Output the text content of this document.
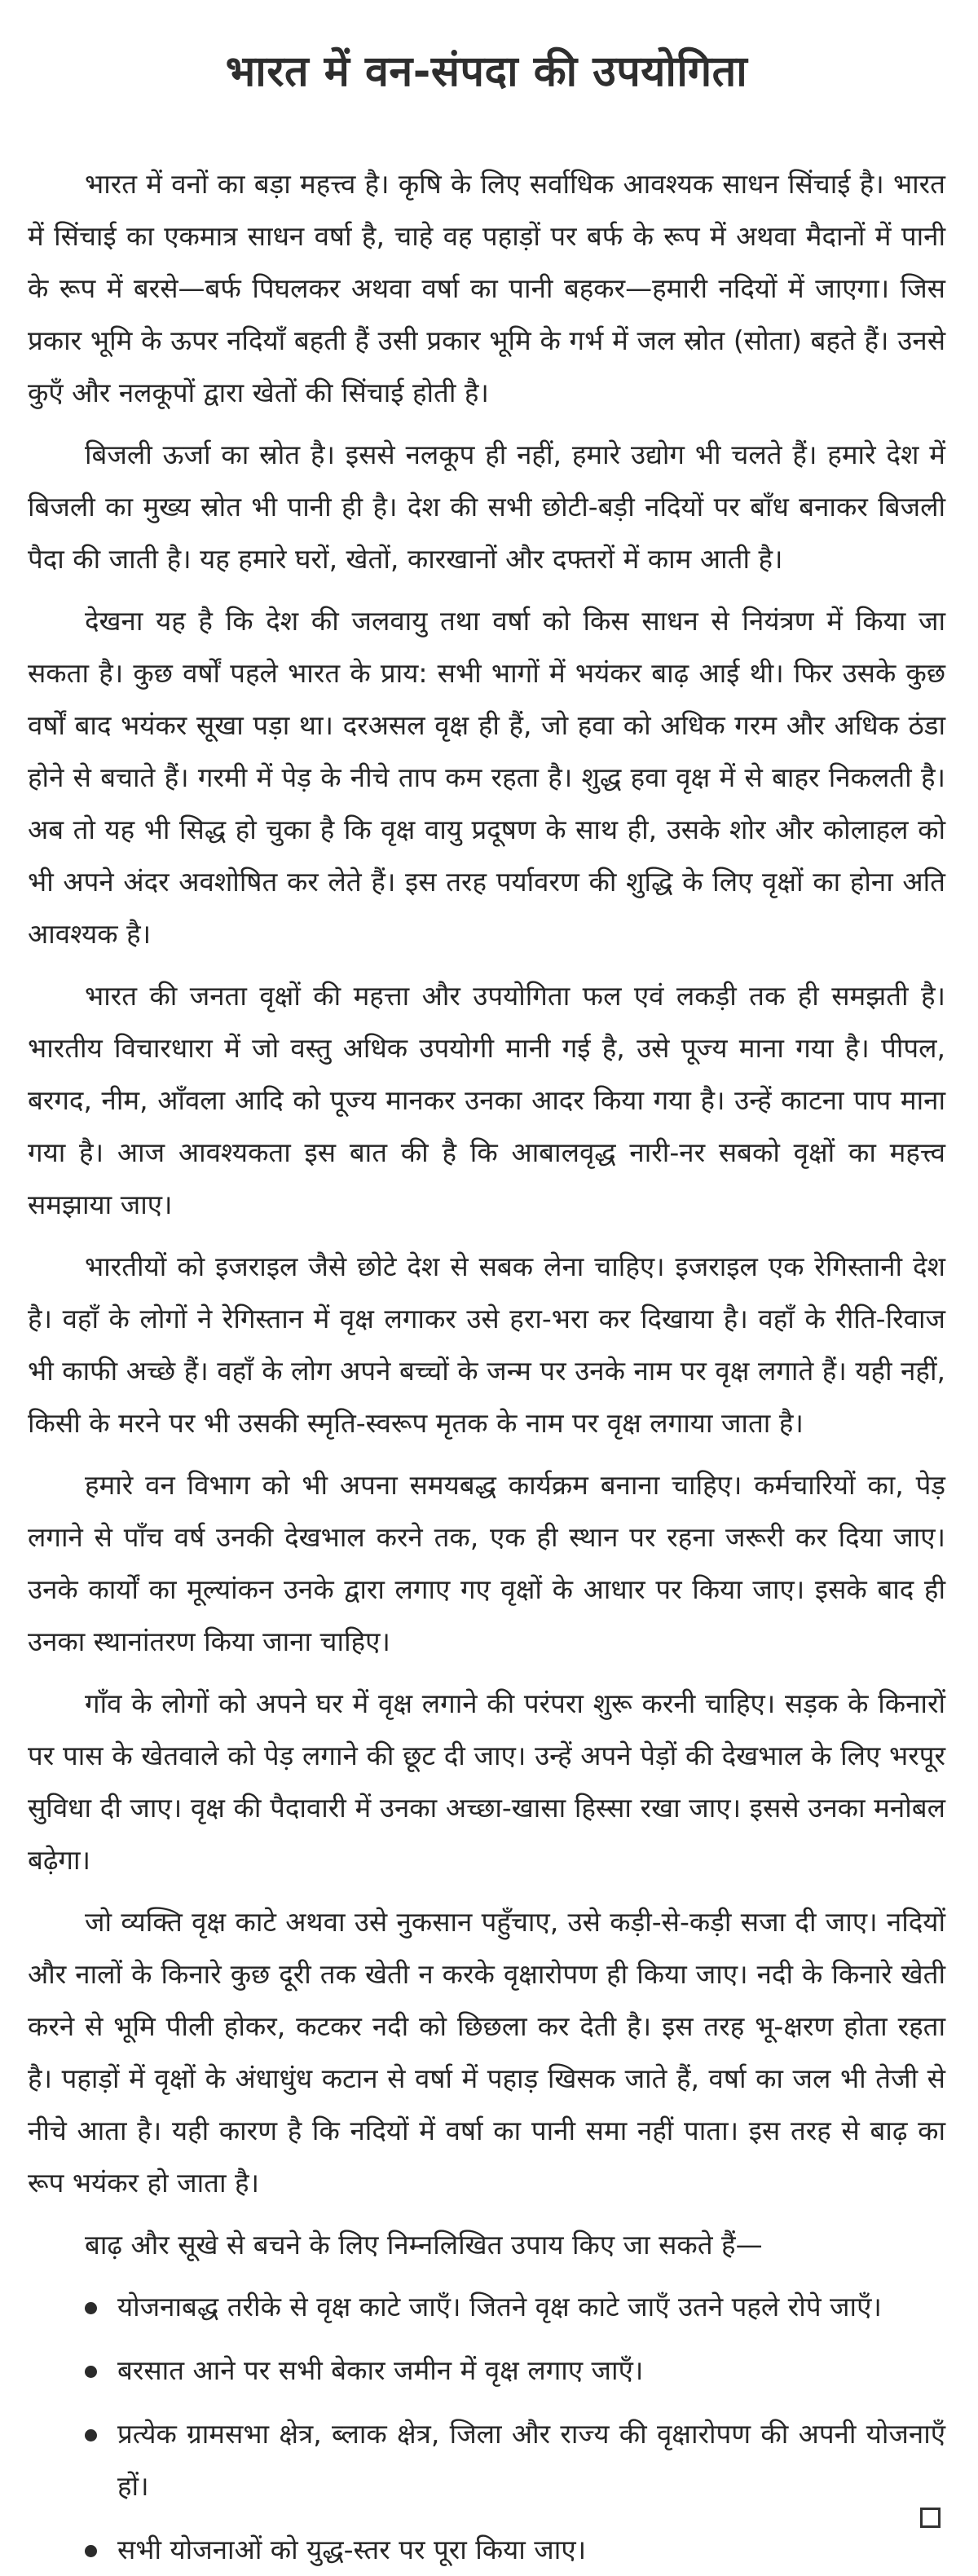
भारत में वन-संपदा की उपयोगिता

भारत में वनों का बड़ा महत्त्व है। कृषि के लिए सर्वाधिक आवश्यक साधन सिंचाई है। भारत में सिंचाई का एकमात्र साधन वर्षा है, चाहे वह पहाड़ों पर बर्फ के रूप में अथवा मैदानों में पानी के रूप में बरसे—बर्फ पिघलकर अथवा वर्षा का पानी बहकर—हमारी नदियों में जाएगा। जिस प्रकार भूमि के ऊपर नदियाँ बहती हैं उसी प्रकार भूमि के गर्भ में जल स्रोत (सोता) बहते हैं। उनसे कुएँ और नलकूपों द्वारा खेतों की सिंचाई होती है।

बिजली ऊर्जा का स्रोत है। इससे नलकूप ही नहीं, हमारे उद्योग भी चलते हैं। हमारे देश में बिजली का मुख्य स्रोत भी पानी ही है। देश की सभी छोटी-बड़ी नदियों पर बाँध बनाकर बिजली पैदा की जाती है। यह हमारे घरों, खेतों, कारखानों और दफ्तरों में काम आती है।

देखना यह है कि देश की जलवायु तथा वर्षा को किस साधन से नियंत्रण में किया जा सकता है। कुछ वर्षों पहले भारत के प्राय: सभी भागों में भयंकर बाढ़ आई थी। फिर उसके कुछ वर्षों बाद भयंकर सूखा पड़ा था। दरअसल वृक्ष ही हैं, जो हवा को अधिक गरम और अधिक ठंडा होने से बचाते हैं। गरमी में पेड़ के नीचे ताप कम रहता है। शुद्ध हवा वृक्ष में से बाहर निकलती है। अब तो यह भी सिद्ध हो चुका है कि वृक्ष वायु प्रदूषण के साथ ही, उसके शोर और कोलाहल को भी अपने अंदर अवशोषित कर लेते हैं। इस तरह पर्यावरण की शुद्धि के लिए वृक्षों का होना अति आवश्यक है।

भारत की जनता वृक्षों की महत्ता और उपयोगिता फल एवं लकड़ी तक ही समझती है। भारतीय विचारधारा में जो वस्तु अधिक उपयोगी मानी गई है, उसे पूज्य माना गया है। पीपल, बरगद, नीम, आँवला आदि को पूज्य मानकर उनका आदर किया गया है। उन्हें काटना पाप माना गया है। आज आवश्यकता इस बात की है कि आबालवृद्ध नारी-नर सबको वृक्षों का महत्त्व समझाया जाए।

भारतीयों को इजराइल जैसे छोटे देश से सबक लेना चाहिए। इजराइल एक रेगिस्तानी देश है। वहाँ के लोगों ने रेगिस्तान में वृक्ष लगाकर उसे हरा-भरा कर दिखाया है। वहाँ के रीति-रिवाज भी काफी अच्छे हैं। वहाँ के लोग अपने बच्चों के जन्म पर उनके नाम पर वृक्ष लगाते हैं। यही नहीं, किसी के मरने पर भी उसकी स्मृति-स्वरूप मृतक के नाम पर वृक्ष लगाया जाता है।

हमारे वन विभाग को भी अपना समयबद्ध कार्यक्रम बनाना चाहिए। कर्मचारियों का, पेड़ लगाने से पाँच वर्ष उनकी देखभाल करने तक, एक ही स्थान पर रहना जरूरी कर दिया जाए। उनके कार्यों का मूल्यांकन उनके द्वारा लगाए गए वृक्षों के आधार पर किया जाए। इसके बाद ही उनका स्थानांतरण किया जाना चाहिए।

गाँव के लोगों को अपने घर में वृक्ष लगाने की परंपरा शुरू करनी चाहिए। सड़क के किनारों पर पास के खेतवाले को पेड़ लगाने की छूट दी जाए। उन्हें अपने पेड़ों की देखभाल के लिए भरपूर सुविधा दी जाए। वृक्ष की पैदावारी में उनका अच्छा-खासा हिस्सा रखा जाए। इससे उनका मनोबल बढ़ेगा।

जो व्यक्ति वृक्ष काटे अथवा उसे नुकसान पहुँचाए, उसे कड़ी-से-कड़ी सजा दी जाए। नदियों और नालों के किनारे कुछ दूरी तक खेती न करके वृक्षारोपण ही किया जाए। नदी के किनारे खेती करने से भूमि पीली होकर, कटकर नदी को छिछला कर देती है। इस तरह भू-क्षरण होता रहता है। पहाड़ों में वृक्षों के अंधाधुंध कटान से वर्षा में पहाड़ खिसक जाते हैं, वर्षा का जल भी तेजी से नीचे आता है। यही कारण है कि नदियों में वर्षा का पानी समा नहीं पाता। इस तरह से बाढ़ का रूप भयंकर हो जाता है।

बाढ़ और सूखे से बचने के लिए निम्नलिखित उपाय किए जा सकते हैं—

योजनाबद्ध तरीके से वृक्ष काटे जाएँ। जितने वृक्ष काटे जाएँ उतने पहले रोपे जाएँ।
बरसात आने पर सभी बेकार जमीन में वृक्ष लगाए जाएँ।
प्रत्येक ग्रामसभा क्षेत्र, ब्लाक क्षेत्र, जिला और राज्य की वृक्षारोपण की अपनी योजनाएँ हों।
सभी योजनाओं को युद्ध-स्तर पर पूरा किया जाए।
